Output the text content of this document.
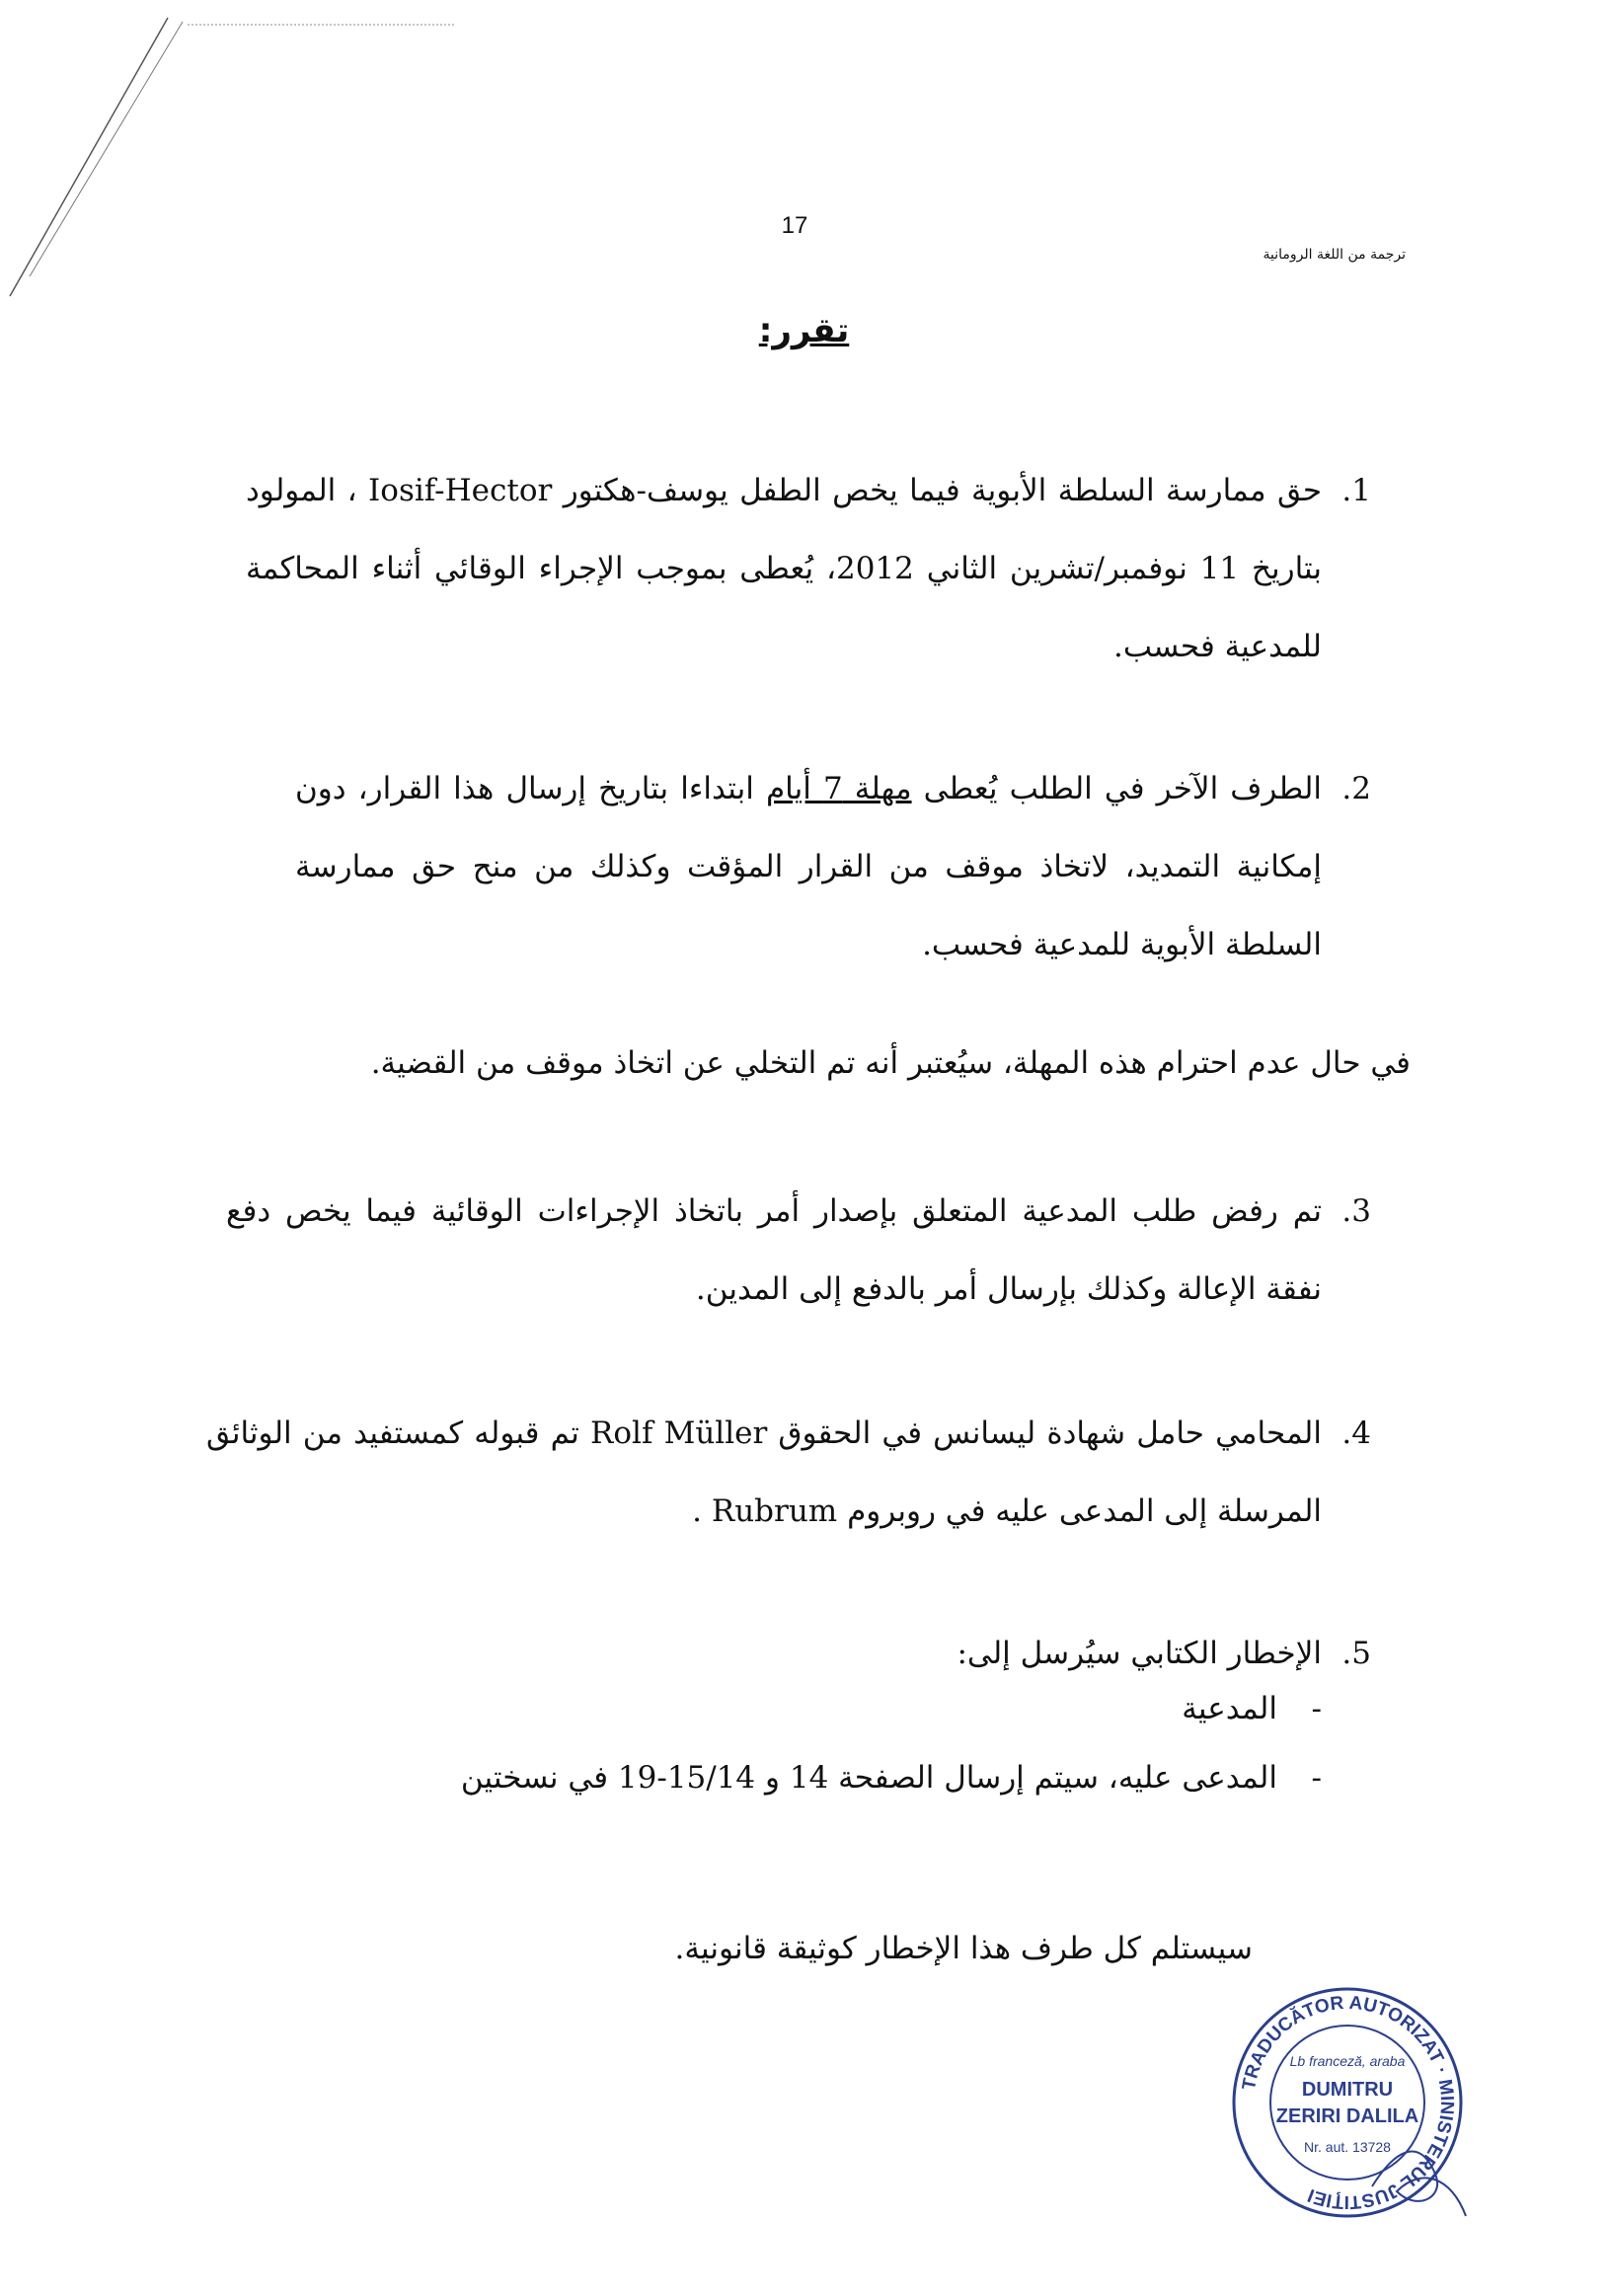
17
ترجمة من اللغة الرومانية
تقرر:
1.
حق ممارسة السلطة الأبوية فيما يخص الطفل يوسف-هكتور Iosif-Hector ، المولود بتاريخ 11 نوفمبر/تشرين الثاني 2012، يُعطى بموجب الإجراء الوقائي أثناء المحاكمة للمدعية فحسب.
2.
الطرف الآخر في الطلب يُعطى مهلة 7 أيام ابتداءا بتاريخ إرسال هذا القرار، دون إمكانية التمديد، لاتخاذ موقف من القرار المؤقت وكذلك من منح حق ممارسة السلطة الأبوية للمدعية فحسب.
في حال عدم احترام هذه المهلة، سيُعتبر أنه تم التخلي عن اتخاذ موقف من القضية.
3.
تم رفض طلب المدعية المتعلق بإصدار أمر باتخاذ الإجراءات الوقائية فيما يخص دفع نفقة الإعالة وكذلك بإرسال أمر بالدفع إلى المدين.
4.
المحامي حامل شهادة ليسانس في الحقوق Rolf Müller تم قبوله كمستفيد من الوثائق المرسلة إلى المدعى عليه في روبروم Rubrum .
5.
الإخطار الكتابي سيُرسل إلى:
-
المدعية
-
المدعى عليه، سيتم إرسال الصفحة 14 و 15/14-19 في نسختين
سيستلم كل طرف هذا الإخطار كوثيقة قانونية.
TRADUCĂTOR AUTORIZAT · MINISTERUL JUSTIŢIEI
Lb franceză, araba
DUMITRU
ZERIRI DALILA
Nr. aut. 13728
